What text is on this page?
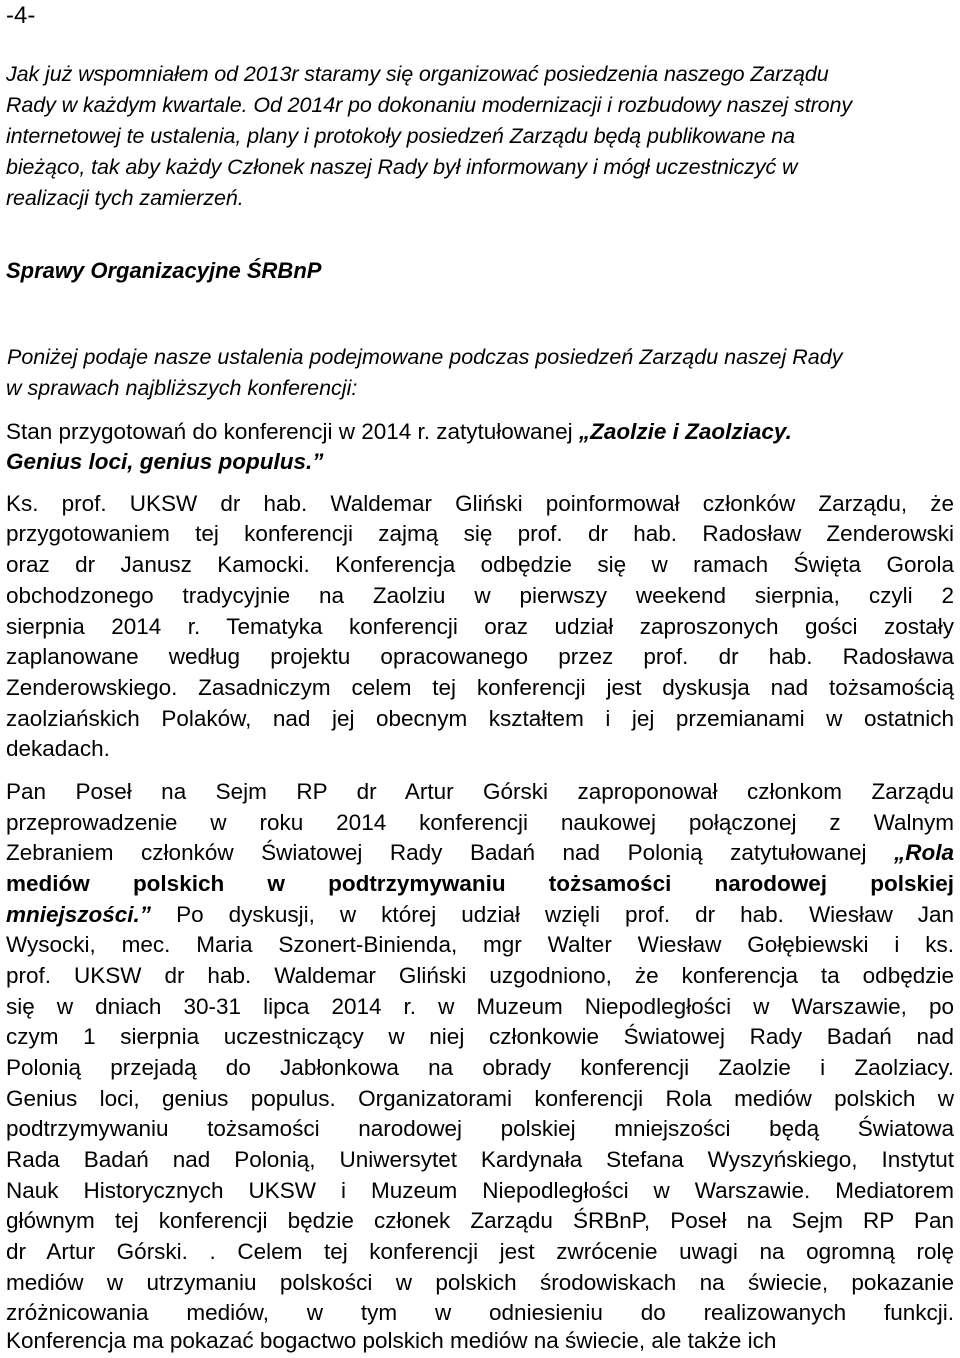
-4-
Jak już wspomniałem od 2013r staramy się organizować posiedzenia naszego Zarządu
Rady w każdym kwartale. Od 2014r po dokonaniu modernizacji i rozbudowy naszej strony
internetowej te ustalenia, plany i protokoły posiedzeń Zarządu będą publikowane na
bieżąco, tak aby każdy Członek naszej Rady był informowany i mógł uczestniczyć w
realizacji tych zamierzeń.
Sprawy Organizacyjne ŚRBnP
Poniżej podaje nasze ustalenia podejmowane podczas posiedzeń Zarządu naszej Rady
w sprawach najbliższych konferencji:
Stan przygotowań do konferencji w 2014 r. zatytułowanej „Zaolzie i Zaolziacy.
Genius loci, genius populus.”
Ks. prof. UKSW dr hab. Waldemar Gliński poinformował członków Zarządu, że
przygotowaniem tej konferencji zajmą się prof. dr hab. Radosław Zenderowski
oraz dr Janusz Kamocki. Konferencja odbędzie się w ramach Święta Gorola
obchodzonego tradycyjnie na Zaolziu w pierwszy weekend sierpnia, czyli 2
sierpnia 2014 r. Tematyka konferencji oraz udział zaproszonych gości zostały
zaplanowane według projektu opracowanego przez prof. dr hab. Radosława
Zenderowskiego. Zasadniczym celem tej konferencji jest dyskusja nad tożsamością
zaolziańskich Polaków, nad jej obecnym kształtem i jej przemianami w ostatnich
dekadach.
Pan Poseł na Sejm RP dr Artur Górski zaproponował członkom Zarządu
przeprowadzenie w roku 2014 konferencji naukowej połączonej z Walnym
Zebraniem członków Światowej Rady Badań nad Polonią zatytułowanej „Rola
mediów polskich w podtrzymywaniu tożsamości narodowej polskiej
mniejszości.” Po dyskusji, w której udział wzięli prof. dr hab. Wiesław Jan
Wysocki, mec. Maria Szonert-Binienda, mgr Walter Wiesław Gołębiewski i ks.
prof. UKSW dr hab. Waldemar Gliński uzgodniono, że konferencja ta odbędzie
się w dniach 30-31 lipca 2014 r. w Muzeum Niepodległości w Warszawie, po
czym 1 sierpnia uczestniczący w niej członkowie Światowej Rady Badań nad
Polonią przejadą do Jabłonkowa na obrady konferencji Zaolzie i Zaolziacy.
Genius loci, genius populus. Organizatorami konferencji Rola mediów polskich w
podtrzymywaniu tożsamości narodowej polskiej mniejszości będą Światowa
Rada Badań nad Polonią, Uniwersytet Kardynała Stefana Wyszyńskiego, Instytut
Nauk Historycznych UKSW i Muzeum Niepodległości w Warszawie. Mediatorem
głównym tej konferencji będzie członek Zarządu ŚRBnP, Poseł na Sejm RP Pan
dr Artur Górski. . Celem tej konferencji jest zwrócenie uwagi na ogromną rolę
mediów w utrzymaniu polskości w polskich środowiskach na świecie, pokazanie
zróżnicowania mediów, w tym w odniesieniu do realizowanych funkcji.
Konferencja ma pokazać bogactwo polskich mediów na świecie, ale także ich
